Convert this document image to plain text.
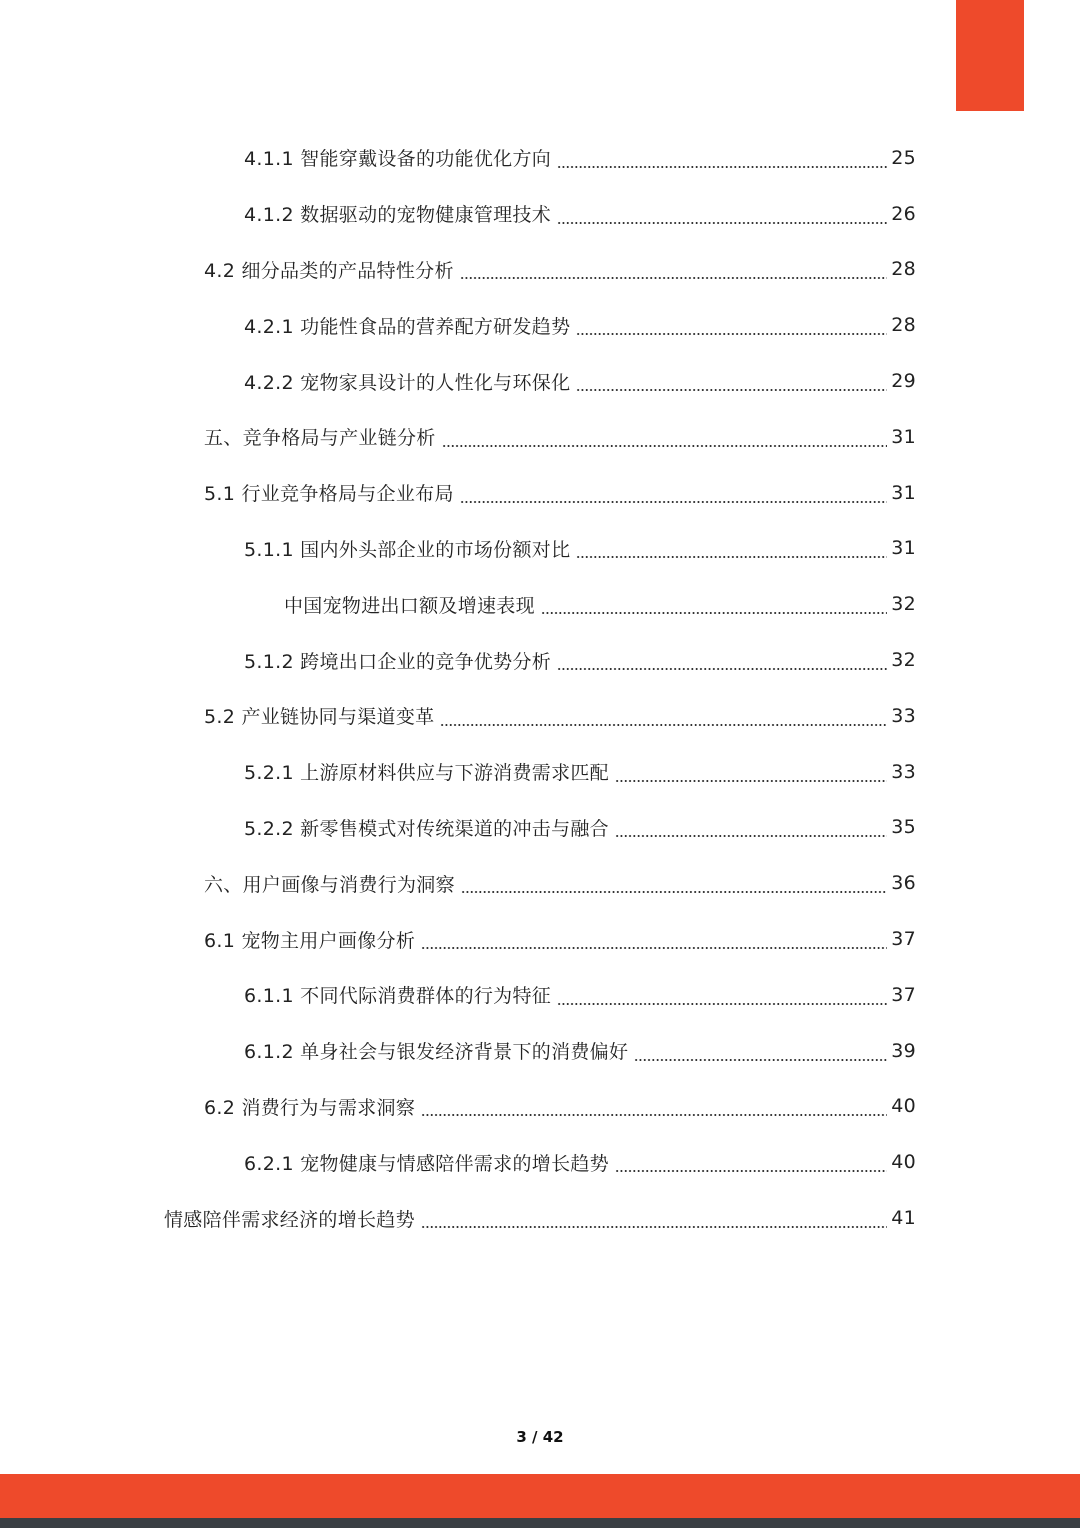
4.1.1 智能穿戴设备的功能优化方向	25
4.1.2 数据驱动的宠物健康管理技术	26
4.2 细分品类的产品特性分析	28
4.2.1 功能性食品的营养配方研发趋势	28
4.2.2 宠物家具设计的人性化与环保化	29
五、竞争格局与产业链分析	31
5.1 行业竞争格局与企业布局	31
5.1.1 国内外头部企业的市场份额对比	31
中国宠物进出口额及增速表现	32
5.1.2 跨境出口企业的竞争优势分析	32
5.2 产业链协同与渠道变革	33
5.2.1 上游原材料供应与下游消费需求匹配	33
5.2.2 新零售模式对传统渠道的冲击与融合	35
六、用户画像与消费行为洞察	36
6.1 宠物主用户画像分析	37
6.1.1 不同代际消费群体的行为特征	37
6.1.2 单身社会与银发经济背景下的消费偏好	39
6.2 消费行为与需求洞察	40
6.2.1 宠物健康与情感陪伴需求的增长趋势	40
情感陪伴需求经济的增长趋势	41
3 / 42
